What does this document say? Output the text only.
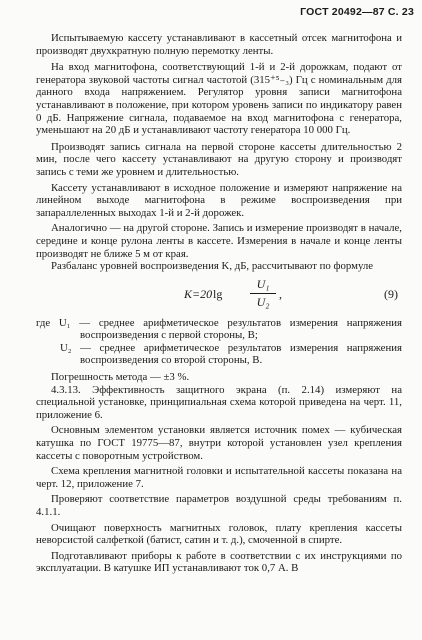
ГОСТ 20492—87 С. 23

Испытываемую кассету устанавливают в кассетный отсек магнитофона и производят двухкратную полную перемотку ленты.

На вход магнитофона, соответствующий 1-й и 2-й дорожкам, подают от генератора звуковой частоты сигнал частотой (315⁺⁵₋₃) Гц с номинальным для данного входа напряжением. Регулятор уровня записи магнитофона устанавливают в положение, при котором уровень записи по индикатору равен 0 дБ. Напряжение сигнала, подаваемое на вход магнитофона с генератора, уменьшают на 20 дБ и устанавливают частоту генератора 10 000 Гц.

Производят запись сигнала на первой стороне кассеты длительностью 2 мин, после чего кассету устанавливают на другую сторону и производят запись с теми же уровнем и длительностью.

Кассету устанавливают в исходное положение и измеряют напряжение на линейном выходе магнитофона в режиме воспроизведения при запараллеленных выходах 1-й и 2-й дорожек.

Аналогично — на другой стороне. Запись и измерение производят в начале, середине и конце рулона ленты в кассете. Измерения в начале и конце ленты производят не ближе 5 м от края.

Разбаланс уровней воспроизведения K, дБ, рассчитывают по формуле

K=20 $\lg \frac{\text{U₁}}{\text{U₂}}$ ,	(9)

где U₁ — среднее арифметическое результатов измерения напряжения воспроизведения с первой стороны, В;

U₂ — среднее арифметическое результатов измерения напряжения воспроизведения со второй стороны, В.

Погрешность метода — ±3 %.

4.3.13. Эффективность защитного экрана (п. 2.14) измеряют на специальной установке, принципиальная схема которой приведена на черт. 11, приложение 6.

Основным элементом установки является источник помех — кубическая катушка по ГОСТ 19775—87, внутри которой установлен узел крепления кассеты с поворотным устройством.

Схема крепления магнитной головки и испытательной кассеты показана на черт. 12, приложение 7.

Проверяют соответствие параметров воздушной среды требованиям п. 4.1.1.

Очищают поверхность магнитных головок, плату крепления кассеты неворсистой салфеткой (батист, сатин и т. д.), смоченной в спирте.

Подготавливают приборы к работе в соответствии с их инструкциями по эксплуатации. В катушке ИП устанавливают ток 0,7 А. В
